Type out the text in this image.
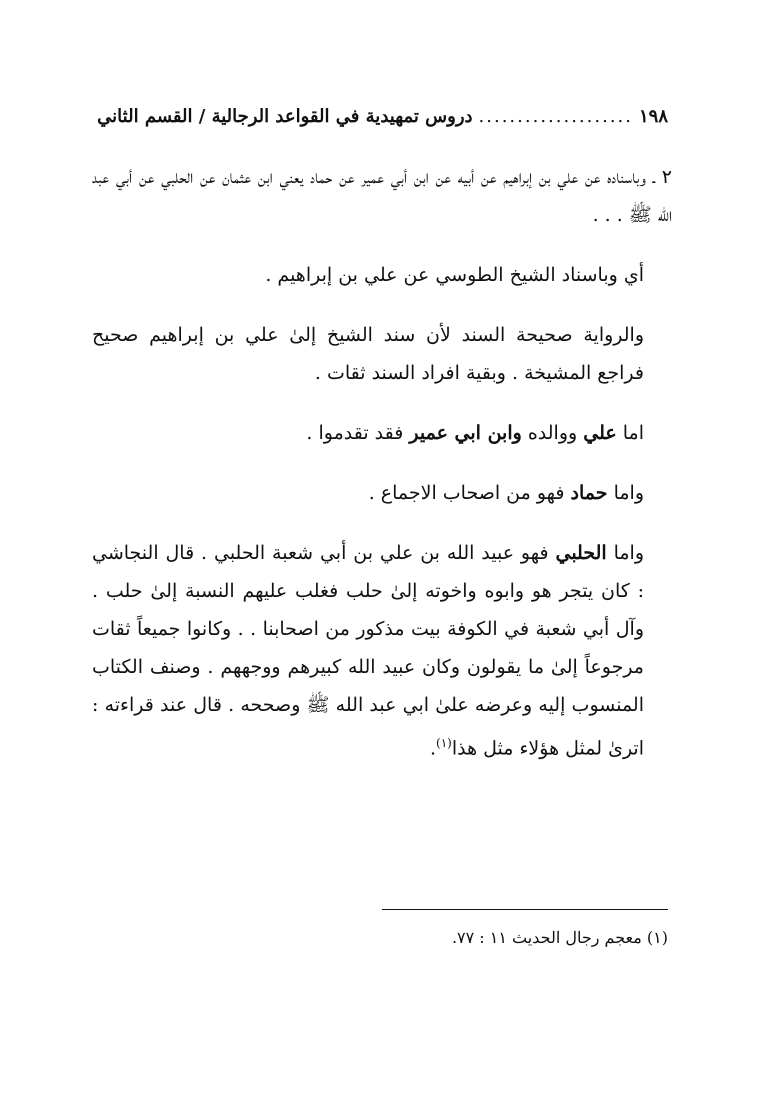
١٩٨
....................
دروس تمهيدية في القواعد الرجالية / القسم الثاني

٢ ـ وباسناده عن علي بن إبراهيم عن أبيه عن ابن أبي عمير عن حماد يعني ابن عثمان عن الحلبي عن أبي عبد الله ﷺ . . .

أي وباسناد الشيخ الطوسي عن علي بن إبراهيم .

والرواية صحيحة السند لأن سند الشيخ إلىٰ علي بن إبراهيم صحيح فراجع المشيخة . وبقية افراد السند ثقات .

اما علي ووالده وابن ابي عمير فقد تقدموا .

واما حماد فهو من اصحاب الاجماع .

واما الحلبي فهو عبيد الله بن علي بن أبي شعبة الحلبي . قال النجاشي : كان يتجر هو وابوه واخوته إلىٰ حلب فغلب عليهم النسبة إلىٰ حلب . وآل أبي شعبة في الكوفة بيت مذكور من اصحابنا . . وكانوا جميعاً ثقات مرجوعاً إلىٰ ما يقولون وكان عبيد الله كبيرهم ووجههم . وصنف الكتاب المنسوب إليه وعرضه علىٰ ابي عبد الله ﷺ وصححه . قال عند قراءته : اترىٰ لمثل هؤلاء مثل هذا$^{(١)}$.

(١) معجم رجال الحديث ١١ : ٧٧.
